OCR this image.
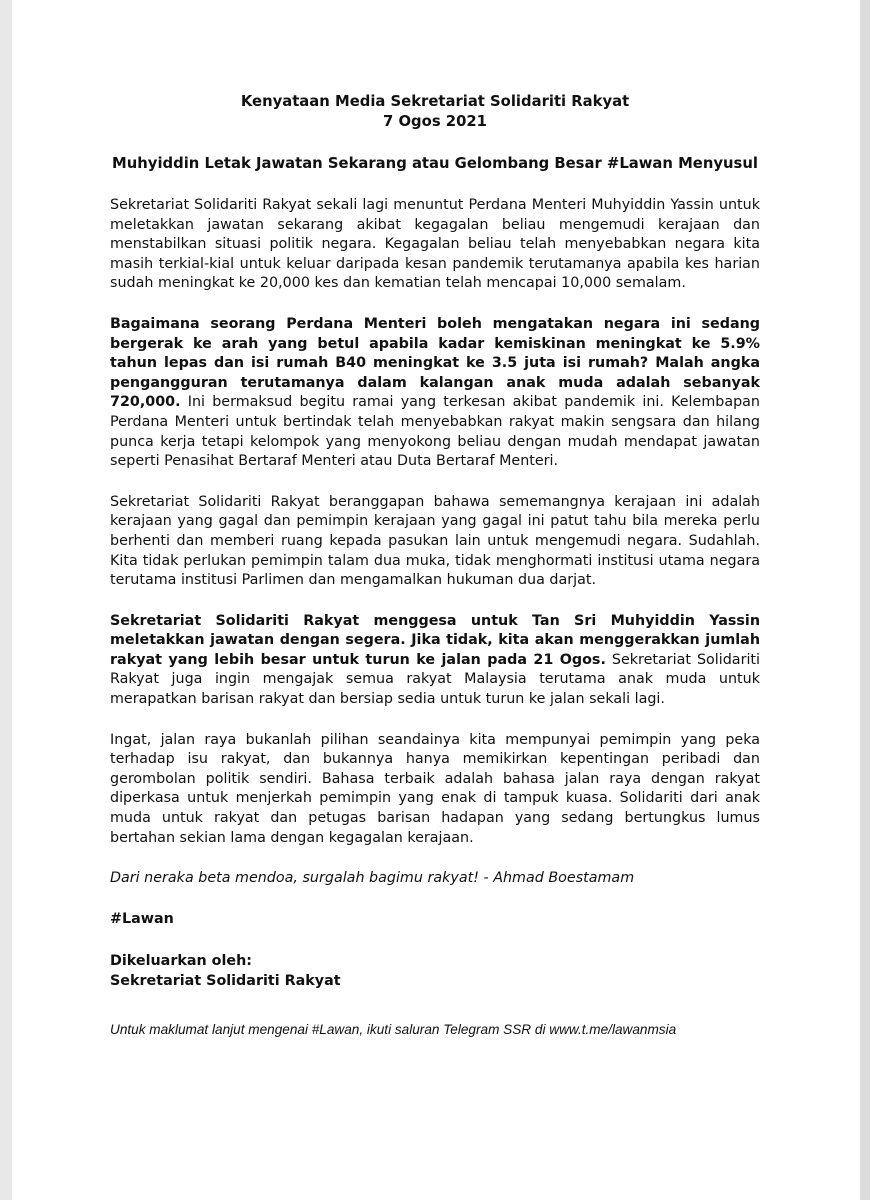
Kenyataan Media Sekretariat Solidariti Rakyat
7 Ogos 2021
Muhyiddin Letak Jawatan Sekarang atau Gelombang Besar #Lawan Menyusul

Sekretariat Solidariti Rakyat sekali lagi menuntut Perdana Menteri Muhyiddin Yassin untuk meletakkan jawatan sekarang akibat kegagalan beliau mengemudi kerajaan dan menstabilkan situasi politik negara. Kegagalan beliau telah menyebabkan negara kita masih terkial-kial untuk keluar daripada kesan pandemik terutamanya apabila kes harian sudah meningkat ke 20,000 kes dan kematian telah mencapai 10,000 semalam.

Bagaimana seorang Perdana Menteri boleh mengatakan negara ini sedang bergerak ke arah yang betul apabila kadar kemiskinan meningkat ke 5.9% tahun lepas dan isi rumah B40 meningkat ke 3.5 juta isi rumah? Malah angka pengangguran terutamanya dalam kalangan anak muda adalah sebanyak 720,000. Ini bermaksud begitu ramai yang terkesan akibat pandemik ini. Kelembapan Perdana Menteri untuk bertindak telah menyebabkan rakyat makin sengsara dan hilang punca kerja tetapi kelompok yang menyokong beliau dengan mudah mendapat jawatan seperti Penasihat Bertaraf Menteri atau Duta Bertaraf Menteri.

Sekretariat Solidariti Rakyat beranggapan bahawa sememangnya kerajaan ini adalah kerajaan yang gagal dan pemimpin kerajaan yang gagal ini patut tahu bila mereka perlu berhenti dan memberi ruang kepada pasukan lain untuk mengemudi negara. Sudahlah. Kita tidak perlukan pemimpin talam dua muka, tidak menghormati institusi utama negara terutama institusi Parlimen dan mengamalkan hukuman dua darjat.

Sekretariat Solidariti Rakyat menggesa untuk Tan Sri Muhyiddin Yassin meletakkan jawatan dengan segera. Jika tidak, kita akan menggerakkan jumlah rakyat yang lebih besar untuk turun ke jalan pada 21 Ogos. Sekretariat Solidariti Rakyat juga ingin mengajak semua rakyat Malaysia terutama anak muda untuk merapatkan barisan rakyat dan bersiap sedia untuk turun ke jalan sekali lagi.

Ingat, jalan raya bukanlah pilihan seandainya kita mempunyai pemimpin yang peka terhadap isu rakyat, dan bukannya hanya memikirkan kepentingan peribadi dan gerombolan politik sendiri. Bahasa terbaik adalah bahasa jalan raya dengan rakyat diperkasa untuk menjerkah pemimpin yang enak di tampuk kuasa. Solidariti dari anak muda untuk rakyat dan petugas barisan hadapan yang sedang bertungkus lumus bertahan sekian lama dengan kegagalan kerajaan.

Dari neraka beta mendoa, surgalah bagimu rakyat! - Ahmad Boestamam
#Lawan
Dikeluarkan oleh:
Sekretariat Solidariti Rakyat
Untuk maklumat lanjut mengenai #Lawan, ikuti saluran Telegram SSR di www.t.me/lawanmsia
